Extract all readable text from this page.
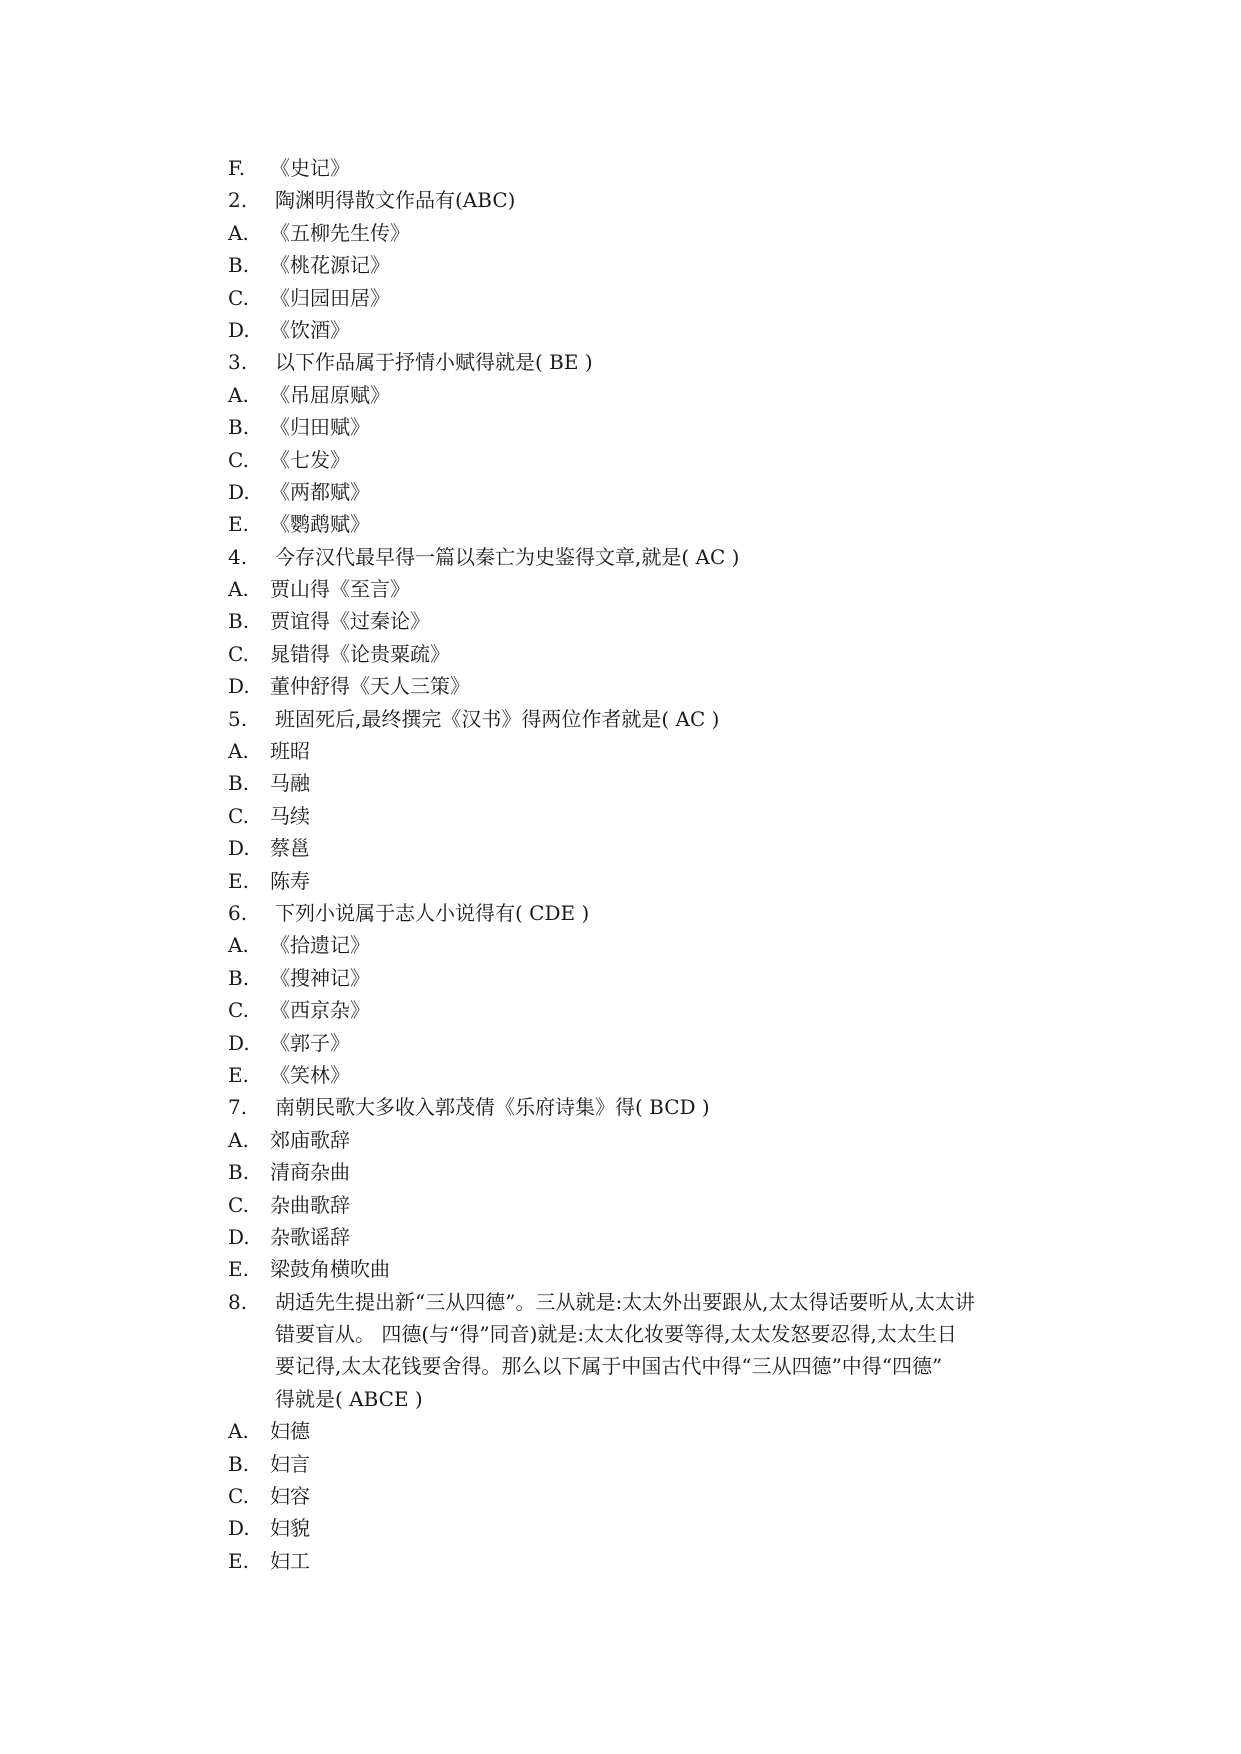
F. 《史记》
2. 陶渊明得散文作品有(ABC)
A. 《五柳先生传》
B. 《桃花源记》
C. 《归园田居》
D. 《饮酒》
3. 以下作品属于抒情小赋得就是( BE )
A. 《吊屈原赋》
B. 《归田赋》
C. 《七发》
D. 《两都赋》
E. 《鹦鹉赋》
4. 今存汉代最早得一篇以秦亡为史鉴得文章,就是( AC )
A. 贾山得《至言》
B. 贾谊得《过秦论》
C. 晁错得《论贵粟疏》
D. 董仲舒得《天人三策》
5. 班固死后,最终撰完《汉书》得两位作者就是( AC )
A. 班昭
B. 马融
C. 马续
D. 蔡邕
E. 陈寿
6. 下列小说属于志人小说得有( CDE )
A. 《拾遗记》
B. 《搜神记》
C. 《西京杂》
D. 《郭子》
E. 《笑林》
7. 南朝民歌大多收入郭茂倩《乐府诗集》得( BCD )
A. 郊庙歌辞
B. 清商杂曲
C. 杂曲歌辞
D. 杂歌谣辞
E. 梁鼓角横吹曲
8. 胡适先生提出新“三从四德”。三从就是:太太外出要跟从,太太得话要听从,太太讲
错要盲从。 四德(与“得”同音)就是:太太化妆要等得,太太发怒要忍得,太太生日
要记得,太太花钱要舍得。那么以下属于中国古代中得“三从四德”中得“四德”
得就是( ABCE )
A. 妇德
B. 妇言
C. 妇容
D. 妇貌
E. 妇工
